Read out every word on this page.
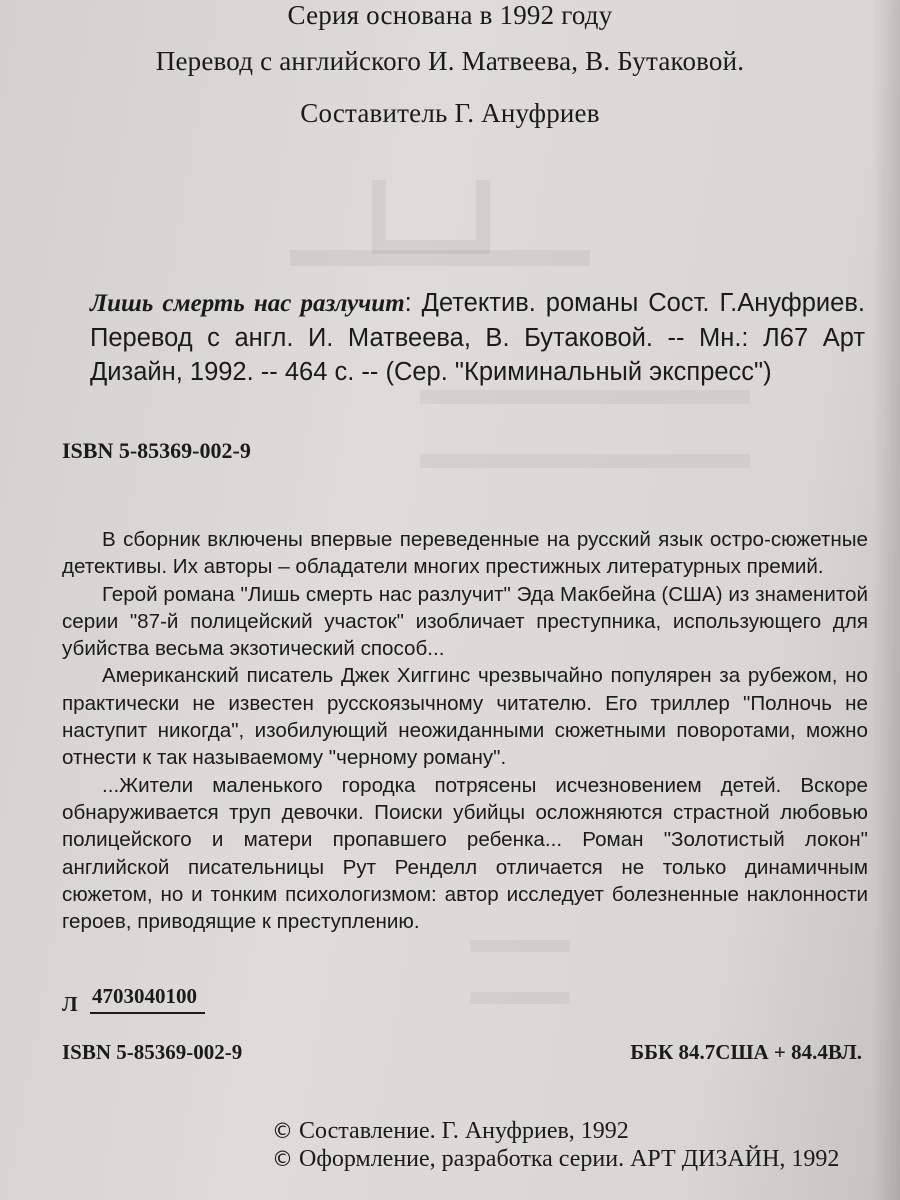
Серия основана в 1992 году
Перевод с английского И. Матвеева, В. Бутаковой.
Составитель Г. Ануфриев
Лишь смерть нас разлучит: Детектив. романы Сост. Г.Ануфриев. Перевод с англ. И. Матвеева, В. Бутаковой. -- Мн.: Л67 Арт Дизайн, 1992. -- 464 с. -- (Сер. "Криминальный экспресс")
ISBN 5-85369-002-9

В сборник включены впервые переведенные на русский язык остро-сюжетные детективы. Их авторы – обладатели многих престижных литературных премий.

Герой романа "Лишь смерть нас разлучит" Эда Макбейна (США) из знаменитой серии "87-й полицейский участок" изобличает преступника, использующего для убийства весьма экзотический способ...

Американский писатель Джек Хиггинс чрезвычайно популярен за рубежом, но практически не известен русскоязычному читателю. Его триллер "Полночь не наступит никогда", изобилующий неожиданными сюжетными поворотами, можно отнести к так называемому "черному роману".

...Жители маленького городка потрясены исчезновением детей. Вскоре обнаруживается труп девочки. Поиски убийцы осложняются страстной любовью полицейского и матери пропавшего ребенка... Роман "Золотистый локон" английской писательницы Рут Ренделл отличается не только динамичным сюжетом, но и тонким психологизмом: автор исследует болезненные наклонности героев, приводящие к преступлению.

Л 4703040100
ISBN 5-85369-002-9	ББК 84.7США + 84.4ВЛ.
© Составление. Г. Ануфриев, 1992
© Оформление, разработка серии. АРТ ДИЗАЙН, 1992
